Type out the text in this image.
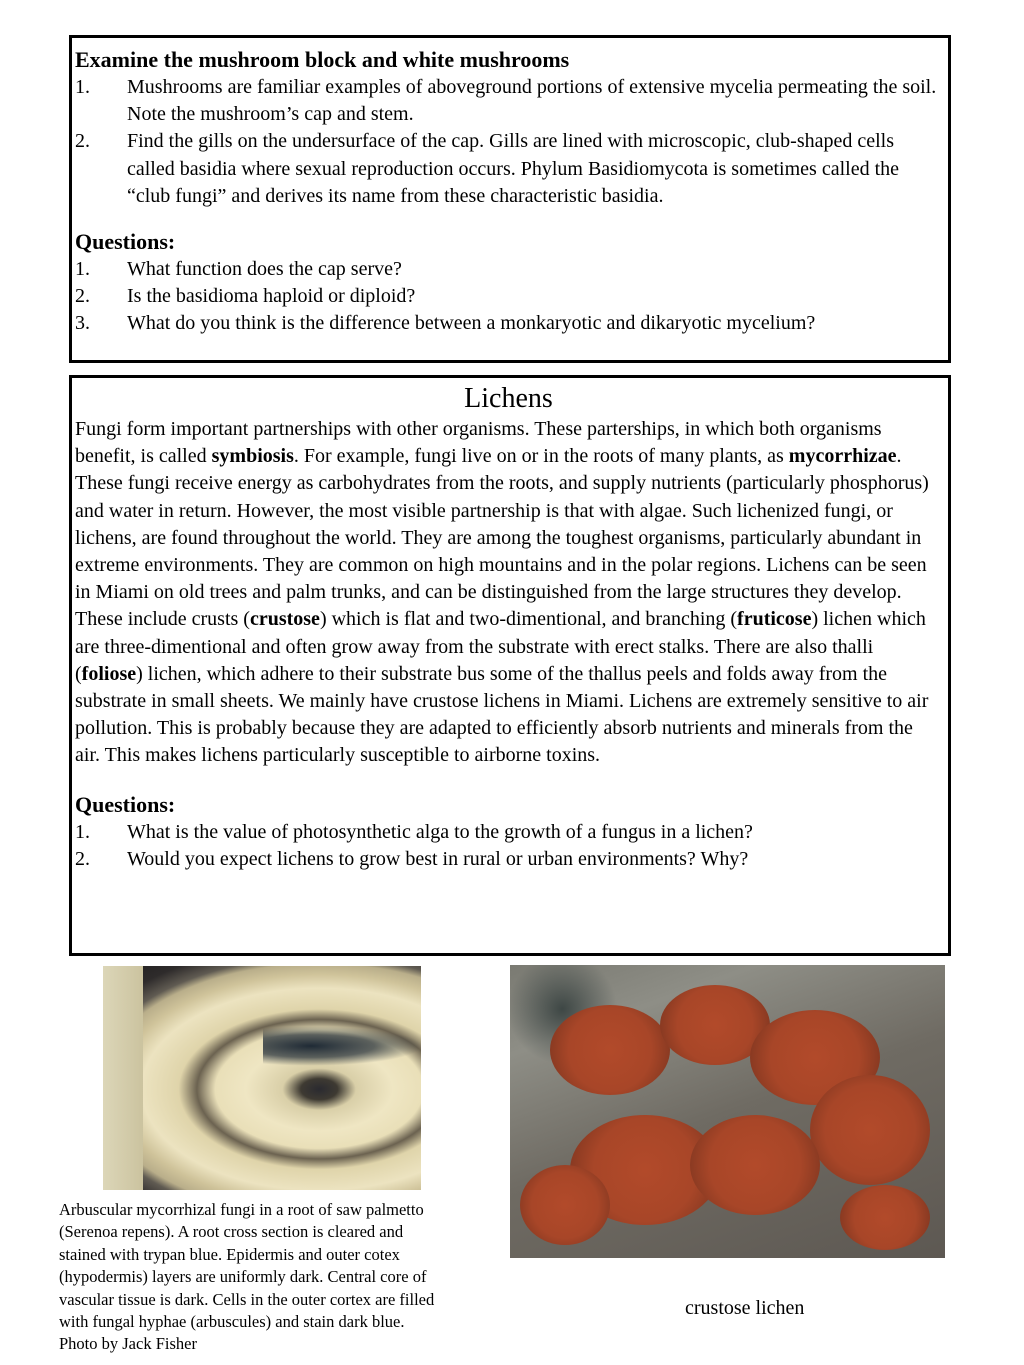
Examine the mushroom block and white mushrooms
1. Mushrooms are familiar examples of aboveground portions of extensive mycelia permeating the soil. Note the mushroom’s cap and stem.
2. Find the gills on the undersurface of the cap. Gills are lined with microscopic, club-shaped cells called basidia where sexual reproduction occurs. Phylum Basidiomycota is sometimes called the “club fungi” and derives its name from these characteristic basidia.
Questions:
1. What function does the cap serve?
2. Is the basidioma haploid or diploid?
3. What do you think is the difference between a monkaryotic and dikaryotic mycelium?
Lichens

Fungi form important partnerships with other organisms. These parterships, in which both organisms benefit, is called symbiosis. For example, fungi live on or in the roots of many plants, as mycorrhizae. These fungi receive energy as carbohydrates from the roots, and supply nutrients (particularly phosphorus) and water in return. However, the most visible partnership is that with algae. Such lichenized fungi, or lichens, are found throughout the world. They are among the toughest organisms, particularly abundant in extreme environments. They are common on high mountains and in the polar regions. Lichens can be seen in Miami on old trees and palm trunks, and can be distinguished from the large structures they develop. These include crusts (crustose) which is flat and two-dimentional, and branching (fruticose) lichen which are three-dimentional and often grow away from the substrate with erect stalks. There are also thalli (foliose) lichen, which adhere to their substrate bus some of the thallus peels and folds away from the substrate in small sheets. We mainly have crustose lichens in Miami. Lichens are extremely sensitive to air pollution. This is probably because they are adapted to efficiently absorb nutrients and minerals from the air. This makes lichens particularly susceptible to airborne toxins.

Questions:
1. What is the value of photosynthetic alga to the growth of a fungus in a lichen?
2. Would you expect lichens to grow best in rural or urban environments? Why?
Arbuscular mycorrhizal fungi in a root of saw palmetto
(Serenoa repens). A root cross section is cleared and
stained with trypan blue. Epidermis and outer cotex
(hypodermis) layers are uniformly dark. Central core of
vascular tissue is dark. Cells in the outer cortex are filled
with fungal hyphae (arbuscules) and stain dark blue.
Photo by Jack Fisher
crustose lichen
